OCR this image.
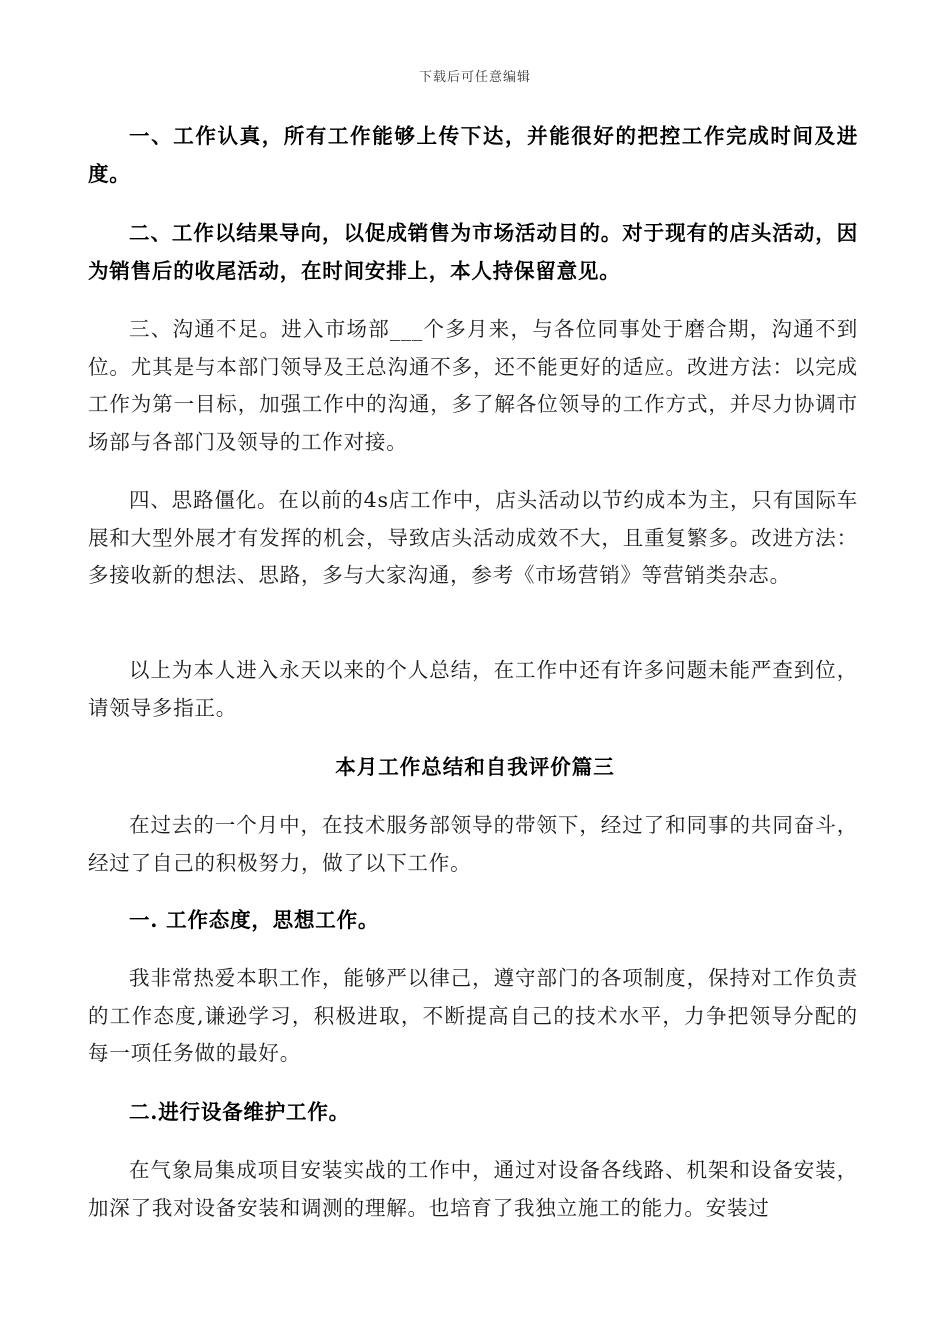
下载后可任意编辑

一、工作认真，所有工作能够上传下达，并能很好的把控工作完成时间及进度。

二、工作以结果导向，以促成销售为市场活动目的。对于现有的店头活动，因为销售后的收尾活动，在时间安排上，本人持保留意见。

三、沟通不足。进入市场部___个多月来，与各位同事处于磨合期，沟通不到位。尤其是与本部门领导及王总沟通不多，还不能更好的适应。改进方法：以完成工作为第一目标，加强工作中的沟通，多了解各位领导的工作方式，并尽力协调市场部与各部门及领导的工作对接。

四、思路僵化。在以前的4s店工作中，店头活动以节约成本为主，只有国际车展和大型外展才有发挥的机会，导致店头活动成效不大，且重复繁多。改进方法：多接收新的想法、思路，多与大家沟通，参考《市场营销》等营销类杂志。

以上为本人进入永天以来的个人总结，在工作中还有许多问题未能严查到位，请领导多指正。

本月工作总结和自我评价篇三

在过去的一个月中，在技术服务部领导的带领下，经过了和同事的共同奋斗，经过了自己的积极努力，做了以下工作。

一. 工作态度，思想工作。

我非常热爱本职工作，能够严以律己，遵守部门的各项制度，保持对工作负责的工作态度,谦逊学习，积极进取，不断提高自己的技术水平，力争把领导分配的每一项任务做的最好。

二.进行设备维护工作。

在气象局集成项目安装实战的工作中，通过对设备各线路、机架和设备安装，加深了我对设备安装和调测的理解。也培育了我独立施工的能力。安装过
